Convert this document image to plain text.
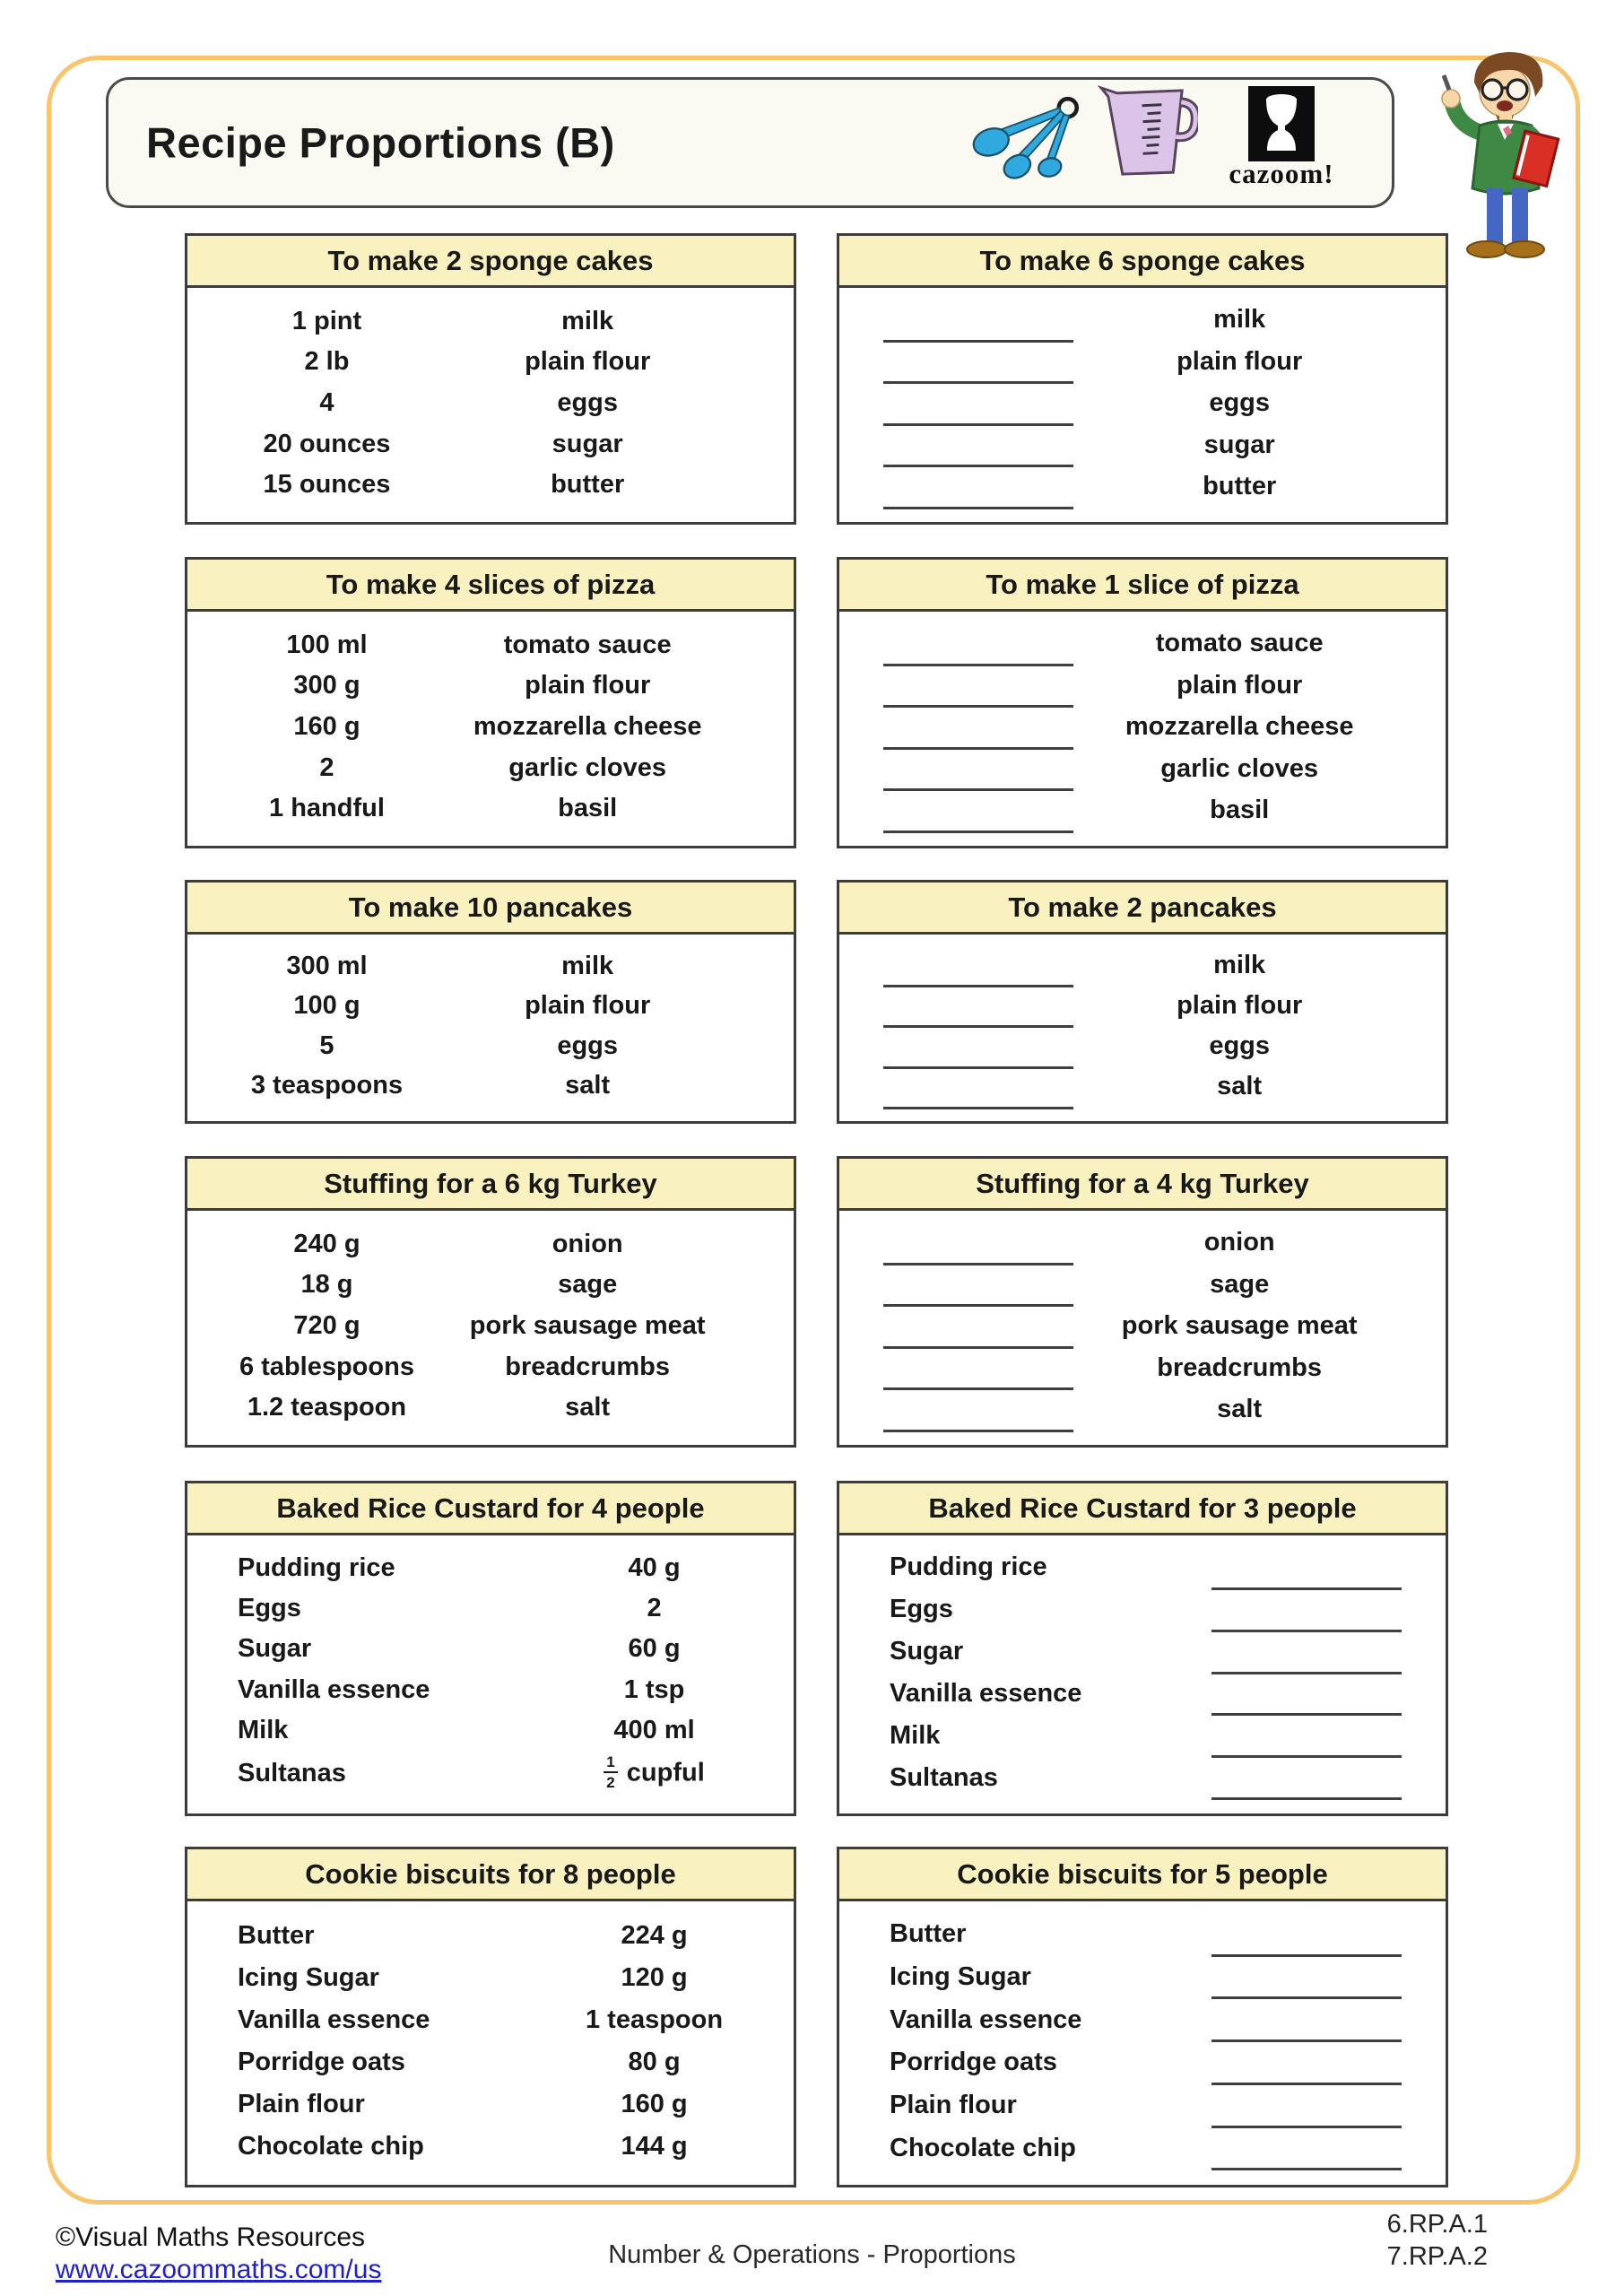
Recipe Proportions (B)
cazoom!
To make 2 sponge cakes
1 pint	milk
2 lb	plain flour
4	eggs
20 ounces	sugar
15 ounces	butter
To make 6 sponge cakes
milk
plain flour
eggs
sugar
butter
To make 4 slices of pizza
100 ml	tomato sauce
300 g	plain flour
160 g	mozzarella cheese
2	garlic cloves
1 handful	basil
To make 1 slice of pizza
tomato sauce
plain flour
mozzarella cheese
garlic cloves
basil
To make 10 pancakes
300 ml	milk
100 g	plain flour
5	eggs
3 teaspoons	salt
To make 2 pancakes
milk
plain flour
eggs
salt
Stuffing for a 6 kg Turkey
240 g	onion
18 g	sage
720 g	pork sausage meat
6 tablespoons	breadcrumbs
1.2 teaspoon	salt
Stuffing for a 4 kg Turkey
onion
sage
pork sausage meat
breadcrumbs
salt
Baked Rice Custard for 4 people
Pudding rice	40 g
Eggs	2
Sugar	60 g
Vanilla essence	1 tsp
Milk	400 ml
Sultanas	$\frac{1}{2}$ cupful
Baked Rice Custard for 3 people
Pudding rice
Eggs
Sugar
Vanilla essence
Milk
Sultanas
Cookie biscuits for 8 people
Butter	224 g
Icing Sugar	120 g
Vanilla essence	1 teaspoon
Porridge oats	80 g
Plain flour	160 g
Chocolate chip	144 g
Cookie biscuits for 5 people
Butter
Icing Sugar
Vanilla essence
Porridge oats
Plain flour
Chocolate chip
©Visual Maths Resources
www.cazoommaths.com/us	Number & Operations - Proportions
6.RP.A.1
7.RP.A.2
